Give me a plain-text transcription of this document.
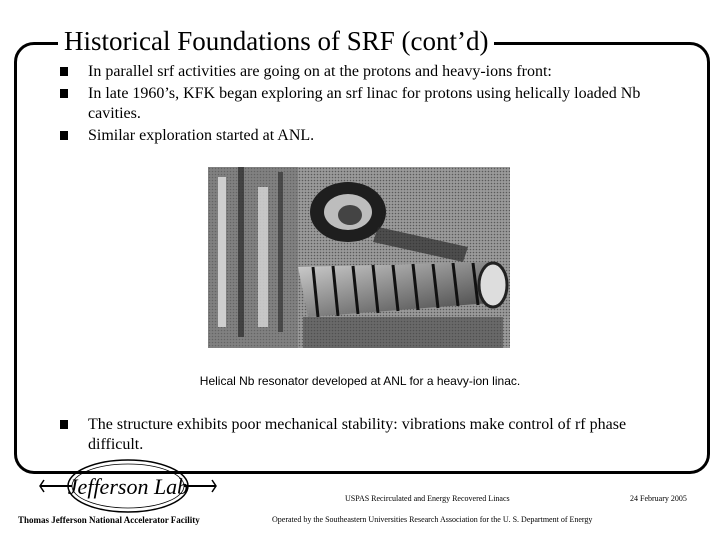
Historical Foundations of SRF (cont’d)
In parallel srf activities are going on at the protons and heavy-ions front:
In late 1960’s, KFK began exploring an srf linac for protons using helically loaded Nb cavities.
Similar exploration started at ANL.
Helical Nb resonator developed at ANL for a heavy-ion linac.
The structure exhibits poor mechanical stability: vibrations make control of rf phase difficult.
Jefferson Lab	USPAS Recirculated and Energy Recovered Linacs	24 February 2005
Thomas Jefferson National Accelerator Facility	Operated by the Southeastern Universities Research Association for the U. S. Department of Energy
